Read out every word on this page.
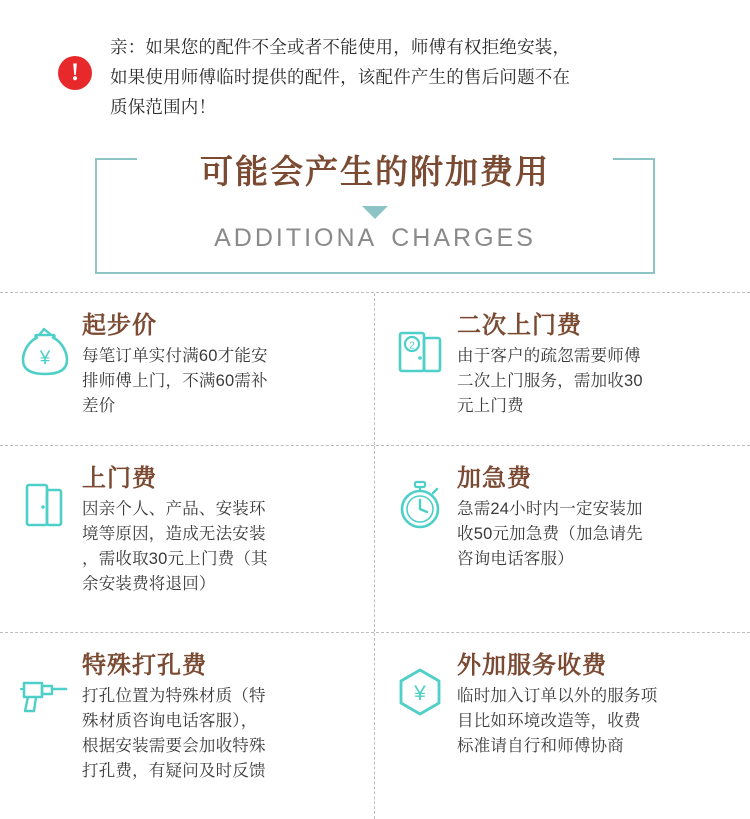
!

亲：如果您的配件不全或者不能使用，师傅有权拒绝安装，

如果使用师傅临时提供的配件，该配件产生的售后问题不在

质保范围内！

可能会产生的附加费用
ADDITIONA CHARGES
¥
起步价

每笔订单实付满60才能安

排师傅上门，不满60需补

差价

2
二次上门费

由于客户的疏忽需要师傅

二次上门服务，需加收30

元上门费

上门费

因亲个人、产品、安装环

境等原因，造成无法安装

，需收取30元上门费（其

余安装费将退回）

加急费

急需24小时内一定安装加

收50元加急费（加急请先

咨询电话客服）

特殊打孔费

打孔位置为特殊材质（特

殊材质咨询电话客服），

根据安装需要会加收特殊

打孔费，有疑问及时反馈

¥
外加服务收费

临时加入订单以外的服务项

目比如环境改造等，收费

标准请自行和师傅协商
